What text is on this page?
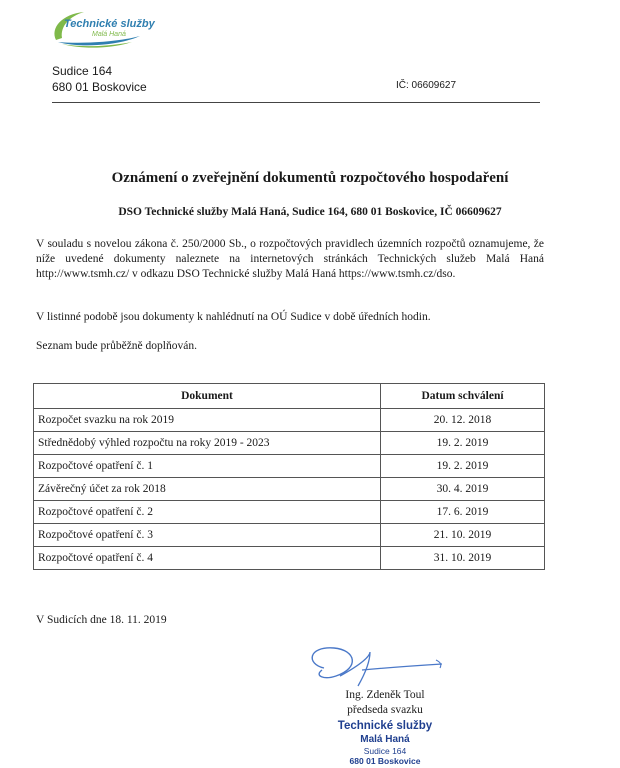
Technické služby
Malá Haná
Sudice 164
680 01 Boskovice	IČ: 06609627
Oznámení o zveřejnění dokumentů rozpočtového hospodaření
DSO Technické služby Malá Haná, Sudice 164, 680 01 Boskovice, IČ 06609627
V souladu s novelou zákona č. 250/2000 Sb., o rozpočtových pravidlech územních rozpočtů oznamujeme, že níže uvedené dokumenty naleznete na internetových stránkách Technických služeb Malá Haná http://www.tsmh.cz/ v odkazu DSO Technické služby Malá Haná https://www.tsmh.cz/dso.
V listinné podobě jsou dokumenty k nahlédnutí na OÚ Sudice v době úředních hodin.
Seznam bude průběžně doplňován.
Dokument	Datum schválení
Rozpočet svazku na rok 2019	20. 12. 2018
Střednědobý výhled rozpočtu na roky 2019 - 2023	19. 2. 2019
Rozpočtové opatření č. 1	19. 2. 2019
Závěrečný účet za rok 2018	30. 4. 2019
Rozpočtové opatření č. 2	17. 6. 2019
Rozpočtové opatření č. 3	21. 10. 2019
Rozpočtové opatření č. 4	31. 10. 2019
V Sudicích dne 18. 11. 2019
Ing. Zdeněk Toul
předseda svazku
Technické služby
Malá Haná
Sudice 164
680 01 Boskovice
